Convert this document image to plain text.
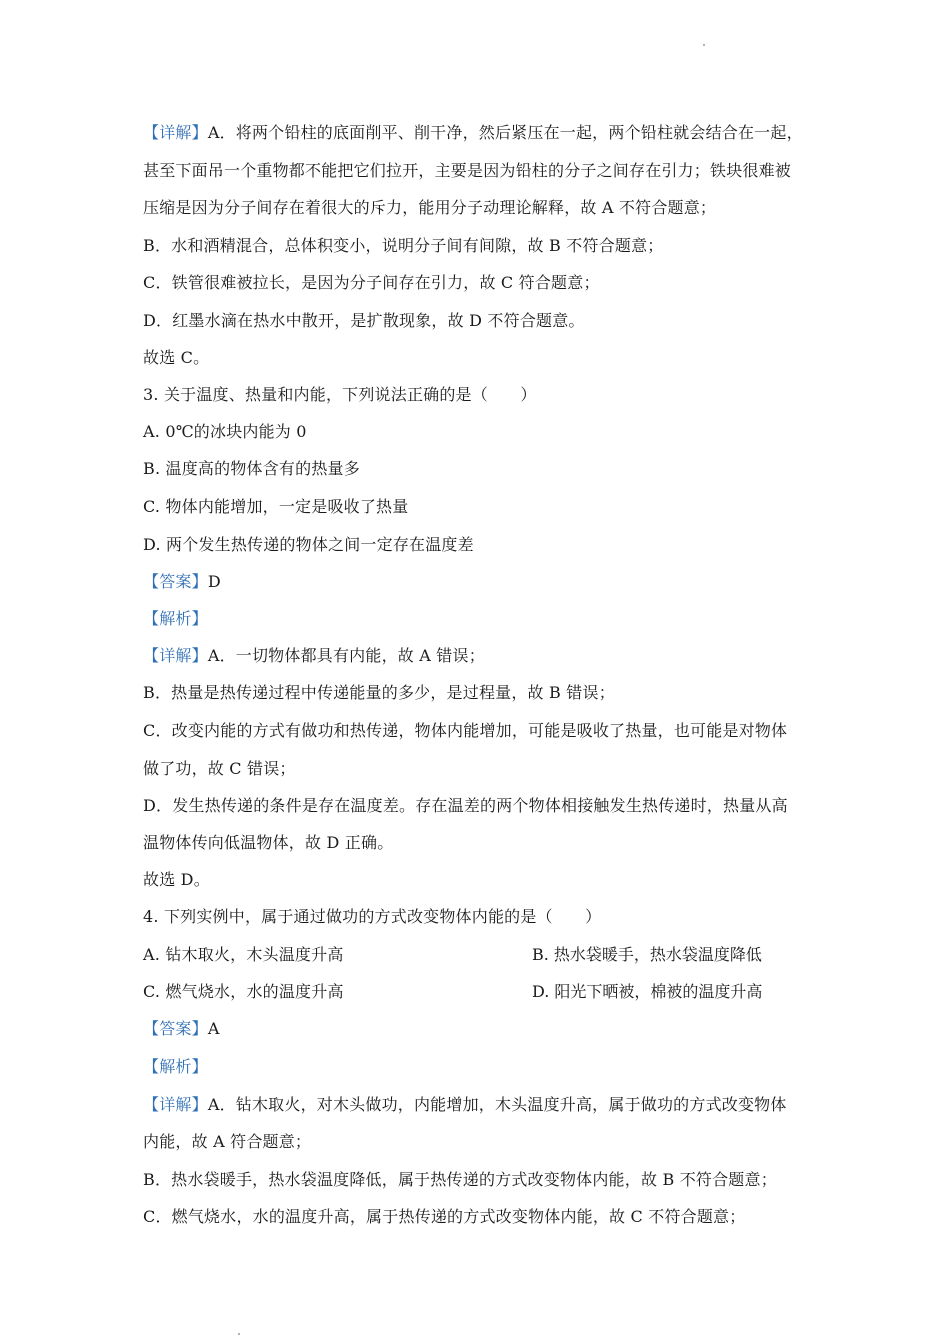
【详解】A．将两个铅柱的底面削平、削干净，然后紧压在一起，两个铅柱就会结合在一起，
甚至下面吊一个重物都不能把它们拉开，主要是因为铅柱的分子之间存在引力；铁块很难被
压缩是因为分子间存在着很大的斥力，能用分子动理论解释，故 A 不符合题意；
B．水和酒精混合，总体积变小，说明分子间有间隙，故 B 不符合题意；
C．铁管很难被拉长，是因为分子间存在引力，故 C 符合题意；
D．红墨水滴在热水中散开，是扩散现象，故 D 不符合题意。
故选 C。
3. 关于温度、热量和内能，下列说法正确的是（　　）
A. 0℃的冰块内能为 0
B. 温度高的物体含有的热量多
C. 物体内能增加，一定是吸收了热量
D. 两个发生热传递的物体之间一定存在温度差
【答案】D
【解析】
【详解】A．一切物体都具有内能，故 A 错误；
B．热量是热传递过程中传递能量的多少，是过程量，故 B 错误；
C．改变内能的方式有做功和热传递，物体内能增加，可能是吸收了热量，也可能是对物体
做了功，故 C 错误；
D．发生热传递的条件是存在温度差。存在温差的两个物体相接触发生热传递时，热量从高
温物体传向低温物体，故 D 正确。
故选 D。
4. 下列实例中，属于通过做功的方式改变物体内能的是（　　）
【答案】A
【解析】
【详解】A．钻木取火，对木头做功，内能增加，木头温度升高，属于做功的方式改变物体
内能，故 A 符合题意；
B．热水袋暖手，热水袋温度降低，属于热传递的方式改变物体内能，故 B 不符合题意；
C．燃气烧水，水的温度升高，属于热传递的方式改变物体内能，故 C 不符合题意；
A. 钻木取火，木头温度升高	B. 热水袋暖手，热水袋温度降低
C. 燃气烧水，水的温度升高	D. 阳光下晒被，棉被的温度升高
